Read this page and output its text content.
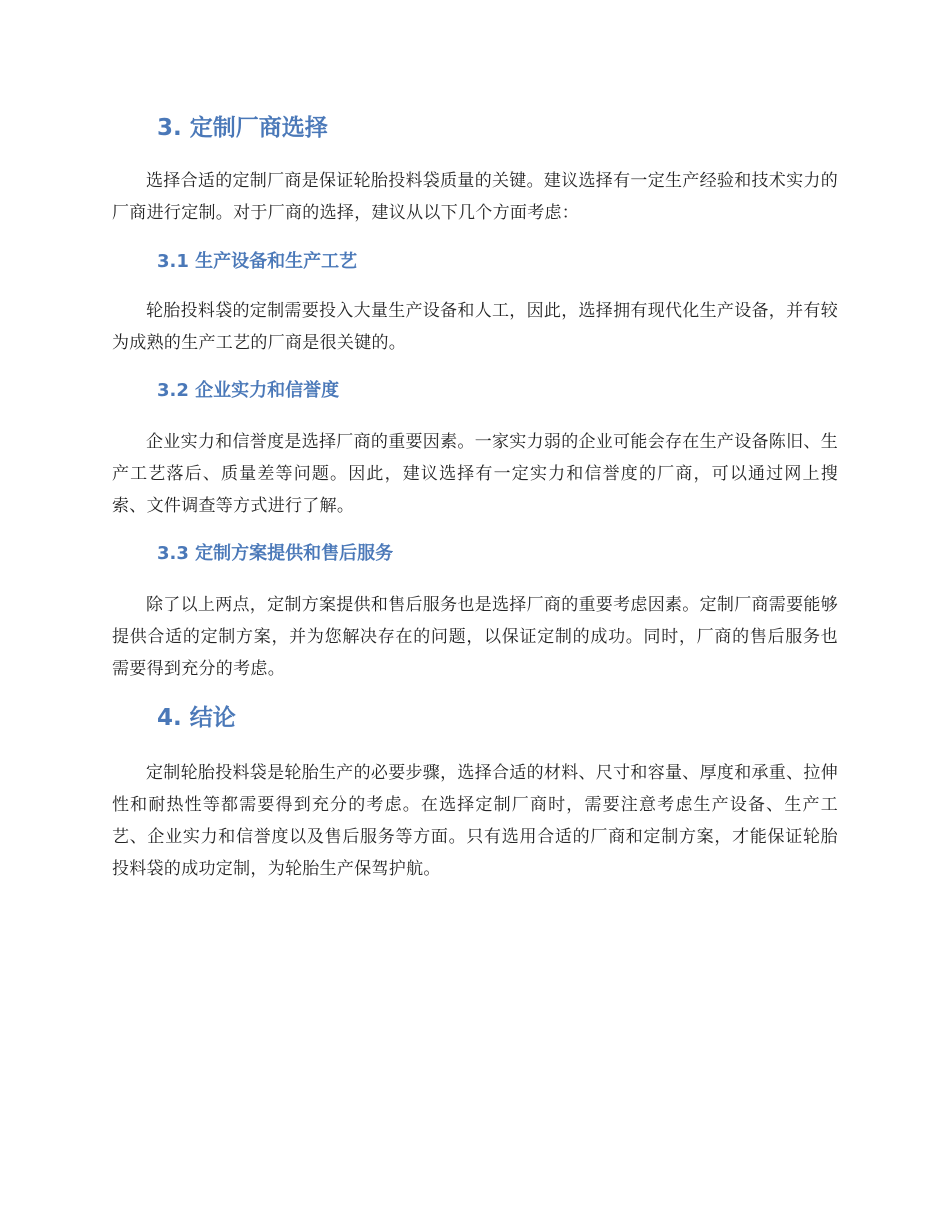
3. 定制厂商选择

选择合适的定制厂商是保证轮胎投料袋质量的关键。建议选择有一定生产经验和技术实力的厂商进行定制。对于厂商的选择，建议从以下几个方面考虑：

3.1 生产设备和生产工艺

轮胎投料袋的定制需要投入大量生产设备和人工，因此，选择拥有现代化生产设备，并有较为成熟的生产工艺的厂商是很关键的。

3.2 企业实力和信誉度

企业实力和信誉度是选择厂商的重要因素。一家实力弱的企业可能会存在生产设备陈旧、生产工艺落后、质量差等问题。因此，建议选择有一定实力和信誉度的厂商，可以通过网上搜索、文件调查等方式进行了解。

3.3 定制方案提供和售后服务

除了以上两点，定制方案提供和售后服务也是选择厂商的重要考虑因素。定制厂商需要能够提供合适的定制方案，并为您解决存在的问题，以保证定制的成功。同时，厂商的售后服务也需要得到充分的考虑。

4. 结论

定制轮胎投料袋是轮胎生产的必要步骤，选择合适的材料、尺寸和容量、厚度和承重、拉伸性和耐热性等都需要得到充分的考虑。在选择定制厂商时，需要注意考虑生产设备、生产工艺、企业实力和信誉度以及售后服务等方面。只有选用合适的厂商和定制方案，才能保证轮胎投料袋的成功定制，为轮胎生产保驾护航。
